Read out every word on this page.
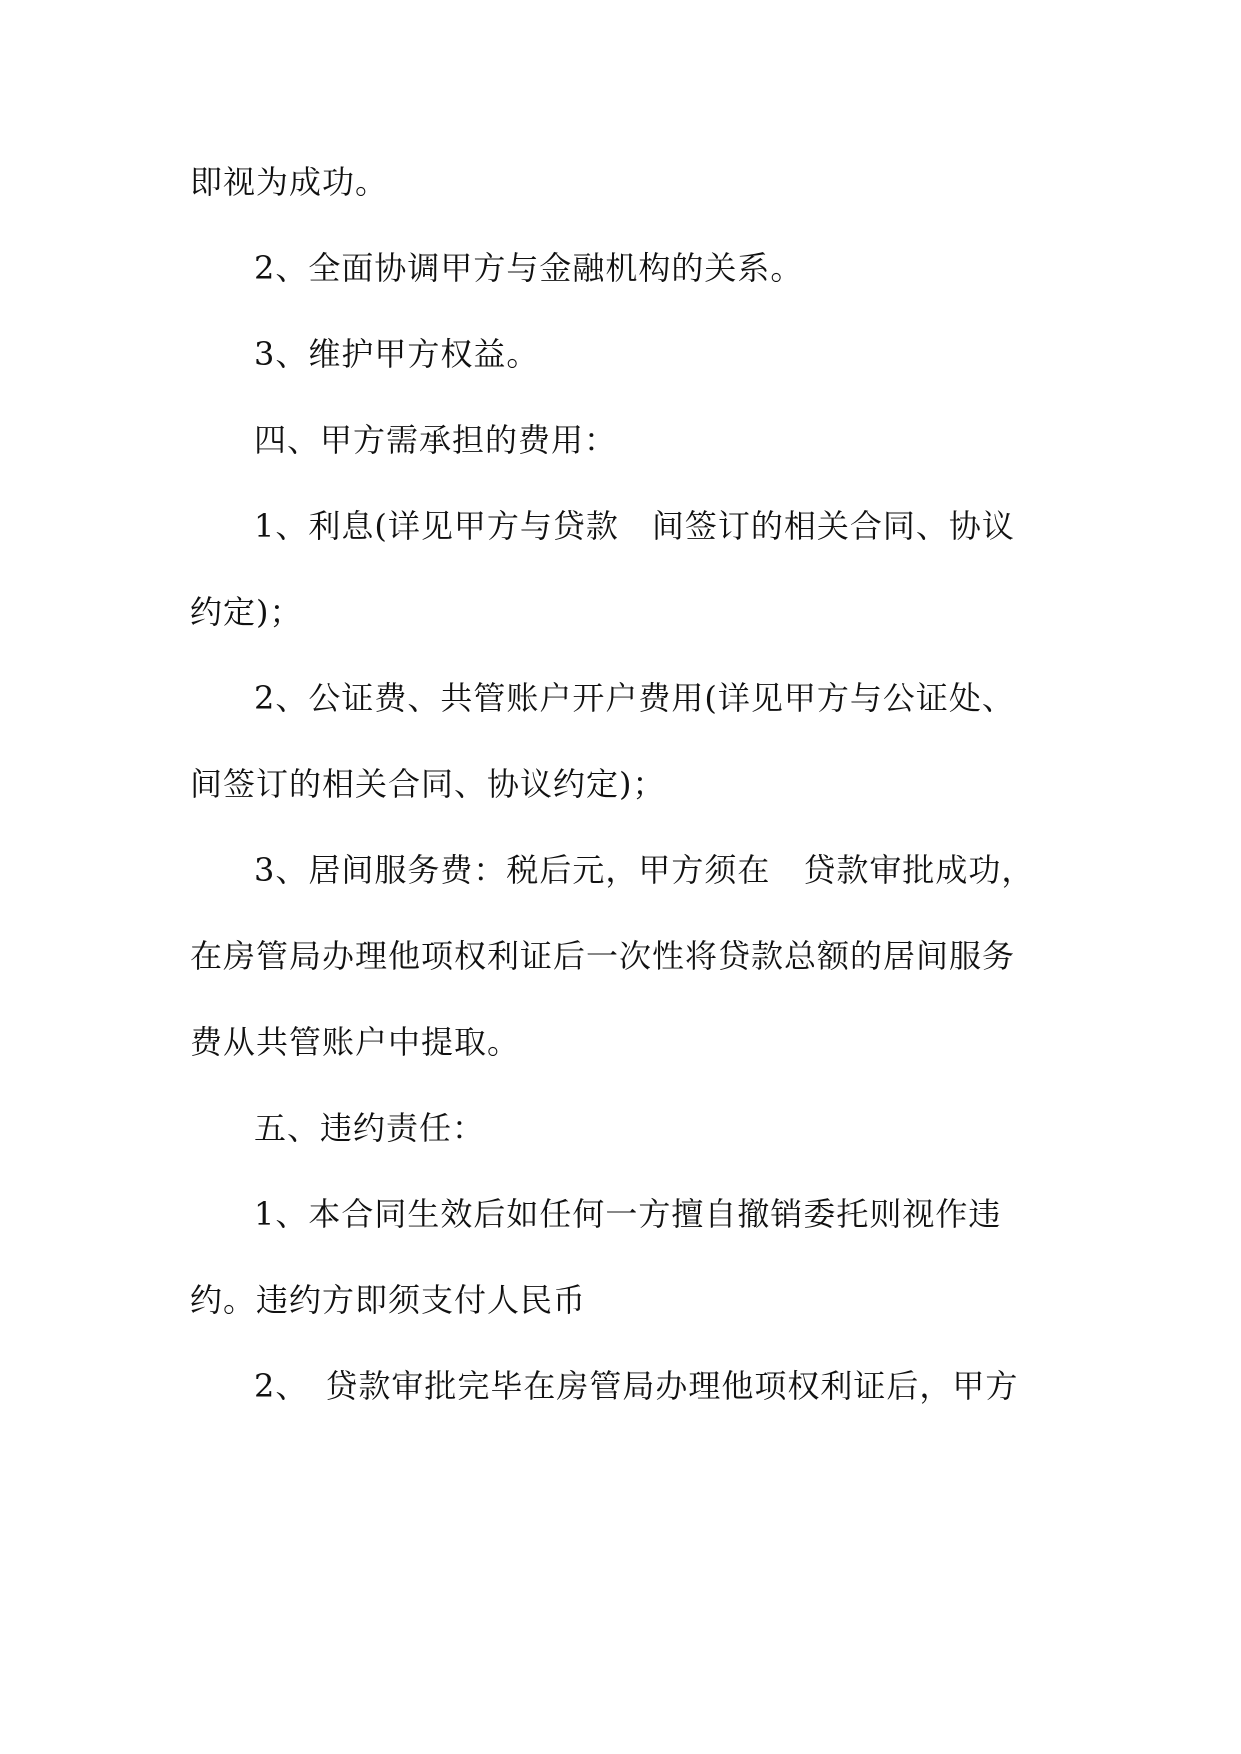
即视为成功。
2、全面协调甲方与金融机构的关系。
3、维护甲方权益。
四、甲方需承担的费用：
1、利息(详见甲方与贷款　间签订的相关合同、协议
约定)；
2、公证费、共管账户开户费用(详见甲方与公证处、
间签订的相关合同、协议约定)；
3、居间服务费：税后元，甲方须在　贷款审批成功，
在房管局办理他项权利证后一次性将贷款总额的居间服务
费从共管账户中提取。
五、违约责任：
1、本合同生效后如任何一方擅自撤销委托则视作违
约。违约方即须支付人民币
2、　贷款审批完毕在房管局办理他项权利证后，甲方
